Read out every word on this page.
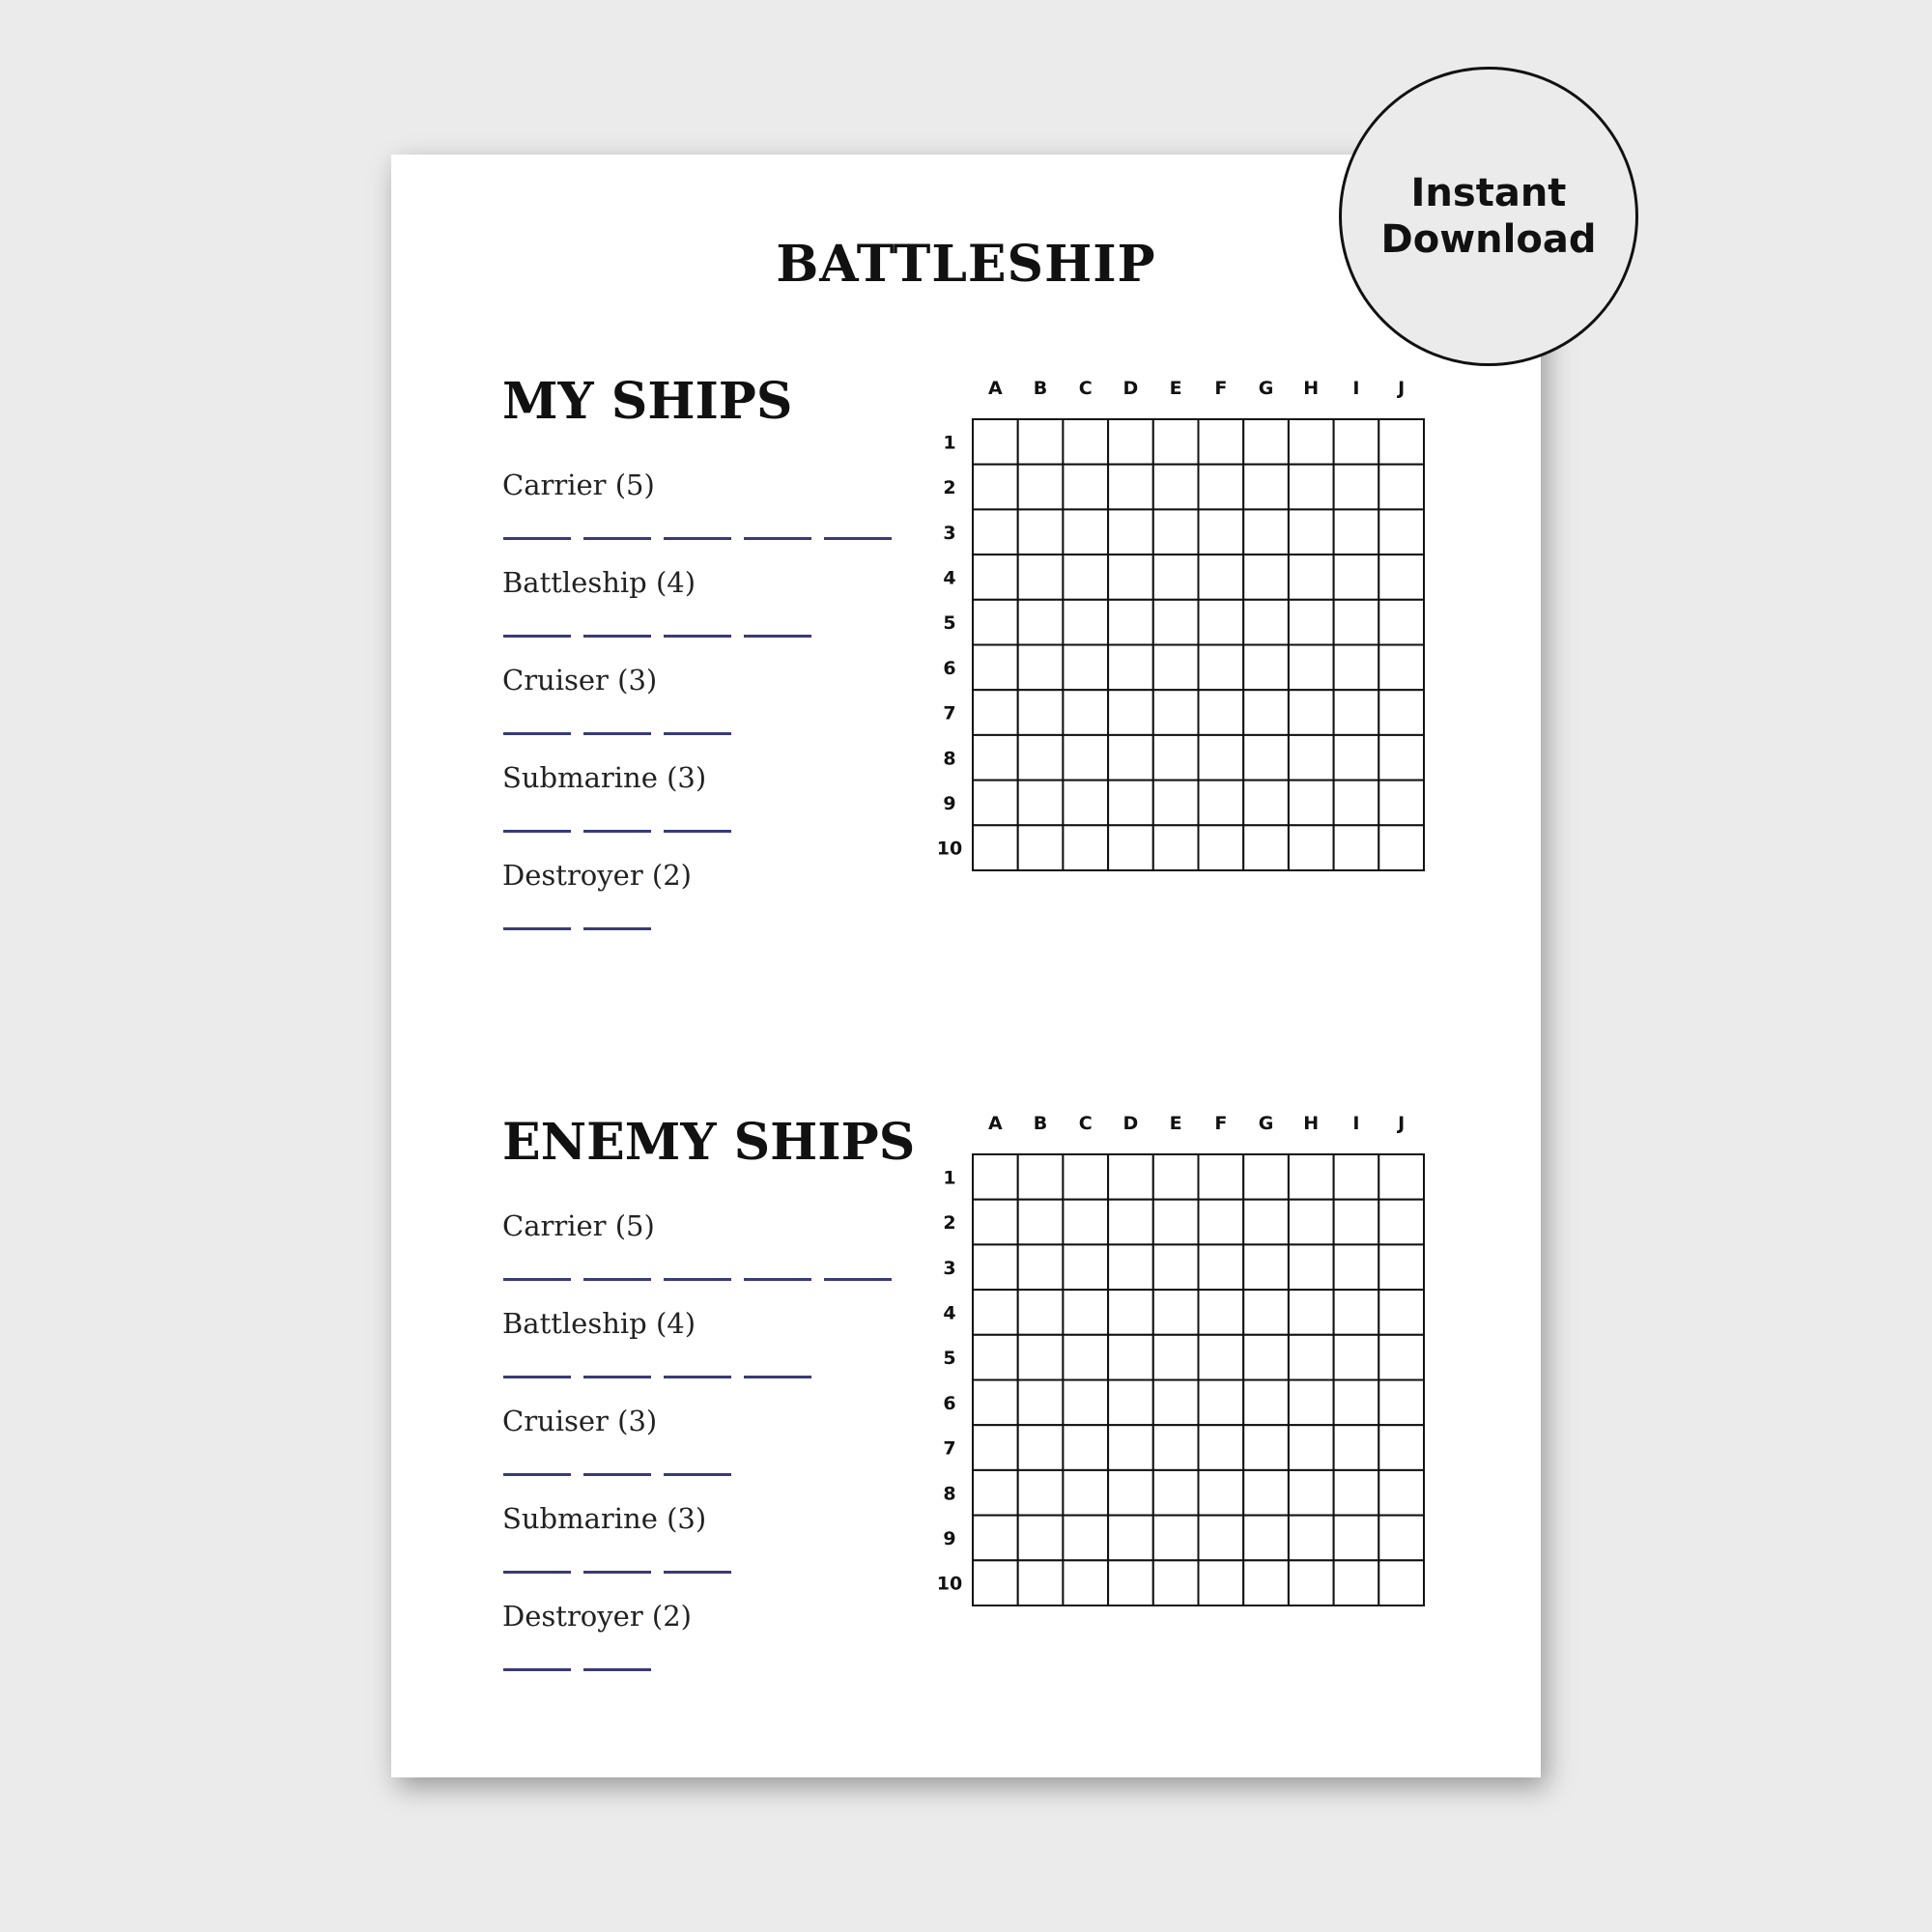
BATTLESHIP
MY SHIPS
ENEMY SHIPS
Carrier (5)
Battleship (4)
Cruiser (3)
Submarine (3)
Destroyer (2)
Carrier (5)
Battleship (4)
Cruiser (3)
Submarine (3)
Destroyer (2)
A B C D E F G H I J
1
2
3
4
5
6
7
8
9
10
A B C D E F G H I J
1
2
3
4
5
6
7
8
9
10
Instant
Download
